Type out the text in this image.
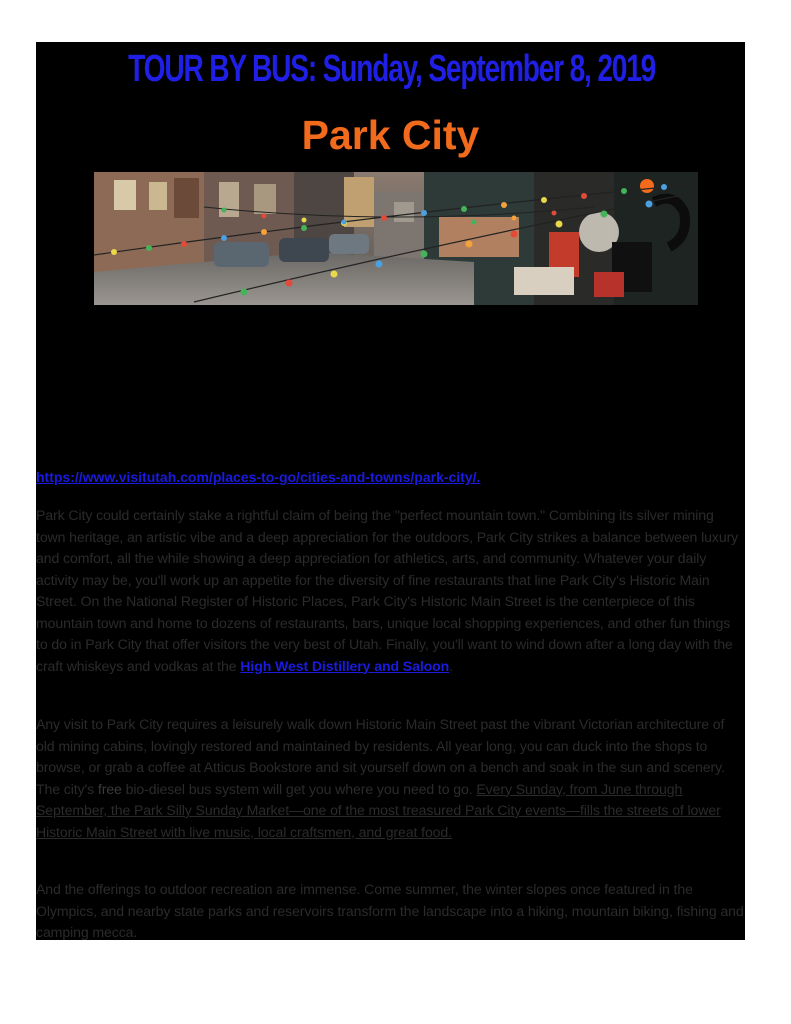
TOUR BY BUS: Sunday, September 8, 2019
Park City
https://www.visitutah.com/places-to-go/cities-and-towns/park-city/.

Park City could certainly stake a rightful claim of being the "perfect mountain town." Combining its silver mining town heritage, an artistic vibe and a deep appreciation for the outdoors, Park City strikes a balance between luxury and comfort, all the while showing a deep appreciation for athletics, arts, and community. Whatever your daily activity may be, you'll work up an appetite for the diversity of fine restaurants that line Park City's Historic Main Street. On the National Register of Historic Places, Park City's Historic Main Street is the centerpiece of this mountain town and home to dozens of restaurants, bars, unique local shopping experiences, and other fun things to do in Park City that offer visitors the very best of Utah. Finally, you'll want to wind down after a long day with the craft whiskeys and vodkas at the High West Distillery and Saloon.

Any visit to Park City requires a leisurely walk down Historic Main Street past the vibrant Victorian architecture of old mining cabins, lovingly restored and maintained by residents. All year long, you can duck into the shops to browse, or grab a coffee at Atticus Bookstore and sit yourself down on a bench and soak in the sun and scenery. The city's free bio-diesel bus system will get you where you need to go. Every Sunday, from June through September, the Park Silly Sunday Market—one of the most treasured Park City events—fills the streets of lower Historic Main Street with live music, local craftsmen, and great food.

And the offerings to outdoor recreation are immense. Come summer, the winter slopes once featured in the Olympics, and nearby state parks and reservoirs transform the landscape into a hiking, mountain biking, fishing and camping mecca.
